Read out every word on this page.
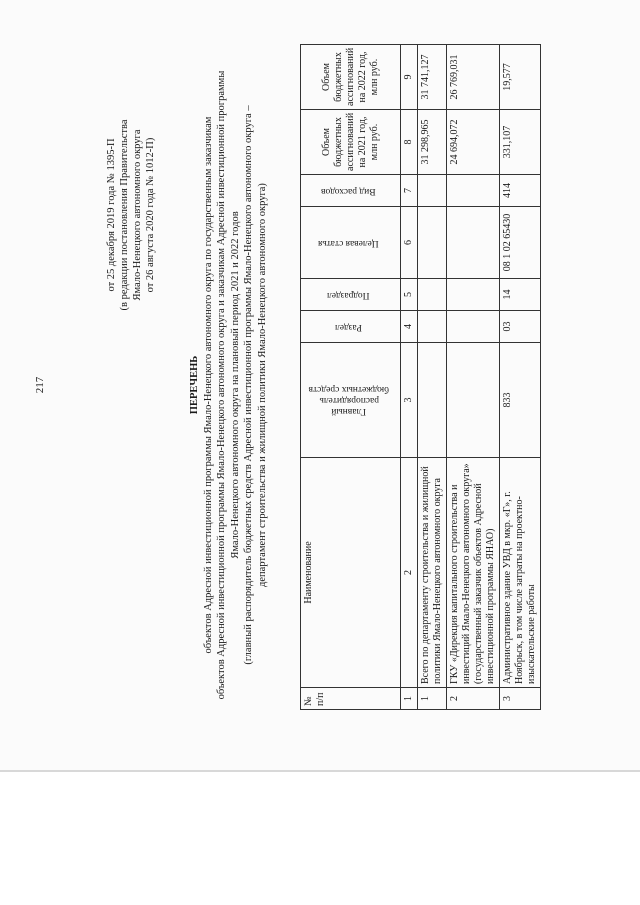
217
от 25 декабря 2019 года № 1395-П (в редакции постановления Правительства Ямало-Ненецкого автономного округа от 26 августа 2020 года № 1012-П)
ПЕРЕЧЕНЬ объектов Адресной инвестиционной программы Ямало-Ненецкого автономного округа по государственным заказчикам объектов Адресной инвестиционной программы Ямало-Ненецкого автономного округа и заказчикам Адресной инвестиционной программы Ямало-Ненецкого автономного округа на плановый период 2021 и 2022 годов (главный распорядитель бюджетных средств Адресной инвестиционной программы Ямало-Ненецкого автономного округа – департамент строительства и жилищной политики Ямало-Ненецкого автономного округа)
№ п/п	Наименование	Главный распорядитель бюджетных средств	Раздел	Подраздел	Целевая статья	Вид расходов	Объем бюджетных ассигнований на 2021 год, млн руб.	Объем бюджетных ассигнований на 2022 год, млн руб.
1	2	3	4	5	6	7	8	9
1	Всего по департаменту строительства и жилищной политики Ямало-Ненецкого автономного округа						31 298,965	31 741,127
2	ГКУ «Дирекция капитального строительства и инвестиций Ямало-Ненецкого автономного округа» (государственный заказчик объектов Адресной инвестиционной программы ЯНАО)						24 694,072	26 769,031
3	Административное здание УВД в мкр. «Г», г. Ноябрьск, в том числе затраты на проектно-изыскательские работы	833	03	14	08 1 02 65430	414	331,107	19,577
